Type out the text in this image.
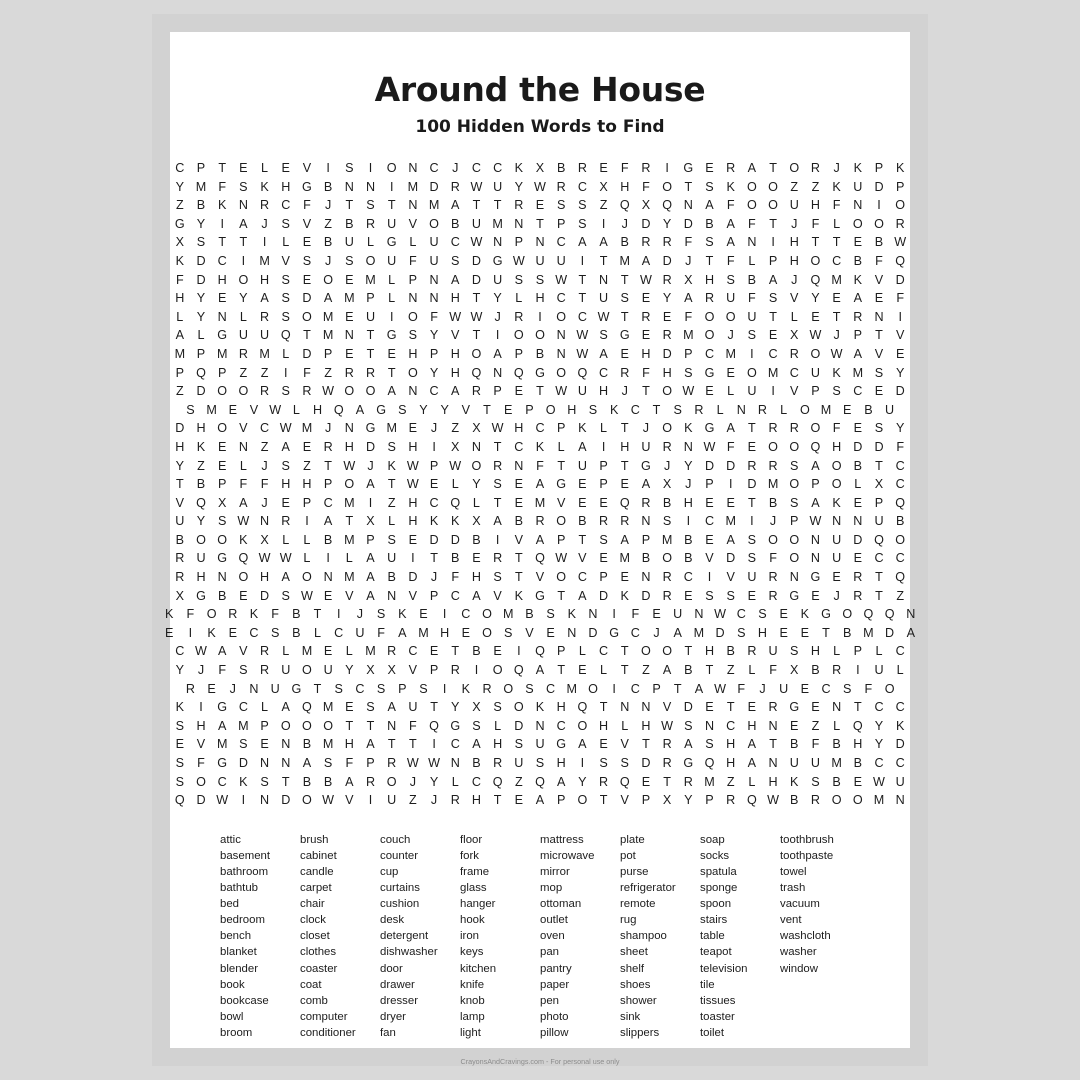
Around the House
100 Hidden Words to Find
C P	T	E	L	E	V	I	S	I	O N C	J	C C K	X	B R E	F	R	I	G E R A	T O R	J	K	P	K
Y M F	S	K H G B N N	I	M D R W U Y W R C X H	F O T	S	K O O Z	Z	K U D P
Z	B	K N R C	F	J	T	S	T	N M A	T	T	R E	S	S	Z Q X Q N A	F O O U H	F	N	I	O
G Y	I	A	J	S	V	Z	B R U V O B U M N	T	P	S	I	J	D Y D B	A	F	T	J	F	L	O O R
X	S	T	T	I	L	E	B U	L	G	L	U C W N P N C A	A	B R R	F	S	A N	I	H	T	T	E	B W
K D C	I	M V	S	J	S O U	F	U S D G W U U	I	T M A D	J	T	F	L	P H O C B	F Q
F	D H O H S	E O E M L	P N A D U S	S W T	N	T W R X H S	B	A	J	Q M K	V D
H Y	E	Y	A	S D A M P	L	N N H	T	Y	L	H C	T	U S	E	Y	A R U	F	S	V	Y	E	A	E	F
L	Y N	L	R S O M E U	I	O F W W J	R	I	O C W T	R E	F O O U	T	L	E	T	R N	I
A	L	G U U Q T M N	T G S	Y	V	T	I	O O N W S G E R M O	J	S	E	X W J	P	T	V
M P M R M L	D P	E	T	E H P H O A	P	B N W A	E H D P C M	I	C R O W A	V	E
P Q P	Z	Z	I	F	Z	R R	T O Y H Q N Q G O Q C R	F	H S G E O M C U K M S	Y
Z	D O O R S R W O O A N C A R P	E	T W U H	J	T O W E	L	U	I	V	P	S C E D
S M E	V W L	H Q A G S	Y	Y	V	T	E	P O H S	K C	T	S R	L	N R	L	O M E	B U
D H O V C W M	J	N G M E	J	Z	X W H C P	K	L	T	J	O K G A	T	R R O F	E	S	Y
H K	E N	Z	A	E R H D S H	I	X N	T	C K	L	A	I	H U R N W F	E O O Q H D D	F
Y	Z	E	L	J	S	Z	T W J	K W P W O R N	F	T	U P	T G	J	Y D D R R S	A O B	T	C
T	B	P	F	F	H H P O A	T W E	L	Y	S	E	A G E	P	E	A	X	J	P	I	D M O P O	L	X C
V Q X	A	J	E	P C M	I	Z	H C Q	L	T	E M V	E	E Q R B H E	E	T	B	S	A	K	E	P Q
U Y	S W N R	I	A	T	X	L	H K	K	X	A	B R O B R R N S	I	C M	I	J	P W N N U B
B O O K	X	L	L	B M P	S	E D D B	I	V	A	P	T	S	A	P M B	E	A	S O O N U D Q O
R U G Q W W L	I	L	A U	I	T	B	E R	T Q W V	E M B O B	V D S	F O N U E C C
R H N O H A O N M A	B D	J	F	H S	T	V O C P	E N R C	I	V U R N G E R	T Q
X G B	E D S W E	V	A N V	P C A	V	K G T	A D K D R E	S	S	E R G E	J	R	T	Z
K	F O R K	F	B	T	I	J	S	K	E	I	C O M B	S	K N	I	F	E U N W C S	E	K G O Q Q N
E	I	K	E C S	B	L	C U	F	A M H E O S	V	E N D G C	J	A M D S H E	E	T	B M D A
C W A	V R	L M E	L M R C E	T	B	E	I	Q P	L	C	T O O T	H B R U S H	L	P	L	C
Y	J	F	S R U O U Y	X	X	V	P R	I	O Q A	T	E	L	T	Z	A	B	T	Z	L	F	X	B R	I	U	L
R E	J	N U G T	S C S	P	S	I	K R O S C M O	I	C P	T	A W F	J	U E C S	F O
K	I	G C	L	A Q M E	S	A U	T	Y	X	S O K H Q T	N N V D E	T	E R G E N	T	C C
S H A M P O O O T	T	N	F Q G S	L	D N C O H	L	H W S N C H N E	Z	L	Q Y	K
E	V M S	E N B M H A	T	T	I	C A H S U G A	E	V	T	R A	S H A	T	B	F	B H Y D
S	F G D N N A	S	F	P R W W N B R U S H	I	S	S D R G Q H A N U U M B C C
S O C K	S	T	B	B	A R O	J	Y	L	C Q Z Q A	Y R Q E	T	R M Z	L	H K	S	B	E W U
Q D W	I	N D O W V	I	U	Z	J	R H	T	E	A	P O T	V	P	X	Y	P R Q W B R O O M N
attic
basement
bathroom
bathtub
bed
bedroom
bench
blanket
blender
book
bookcase
bowl
broom
brush
cabinet
candle
carpet
chair
clock
closet
clothes
coaster
coat
comb
computer
conditioner
couch
counter
cup
curtains
cushion
desk
detergent
dishwasher
door
drawer
dresser
dryer
fan
floor
fork
frame
glass
hanger
hook
iron
keys
kitchen
knife
knob
lamp
light
mattress
microwave
mirror
mop
ottoman
outlet
oven
pan
pantry
paper
pen
photo
pillow
plate
pot
purse
refrigerator
remote
rug
shampoo
sheet
shelf
shoes
shower
sink
slippers
soap
socks
spatula
sponge
spoon
stairs
table
teapot
television
tile
tissues
toaster
toilet
toothbrush
toothpaste
towel
trash
vacuum
vent
washcloth
washer
window
CrayonsAndCravings.com - For personal use only
